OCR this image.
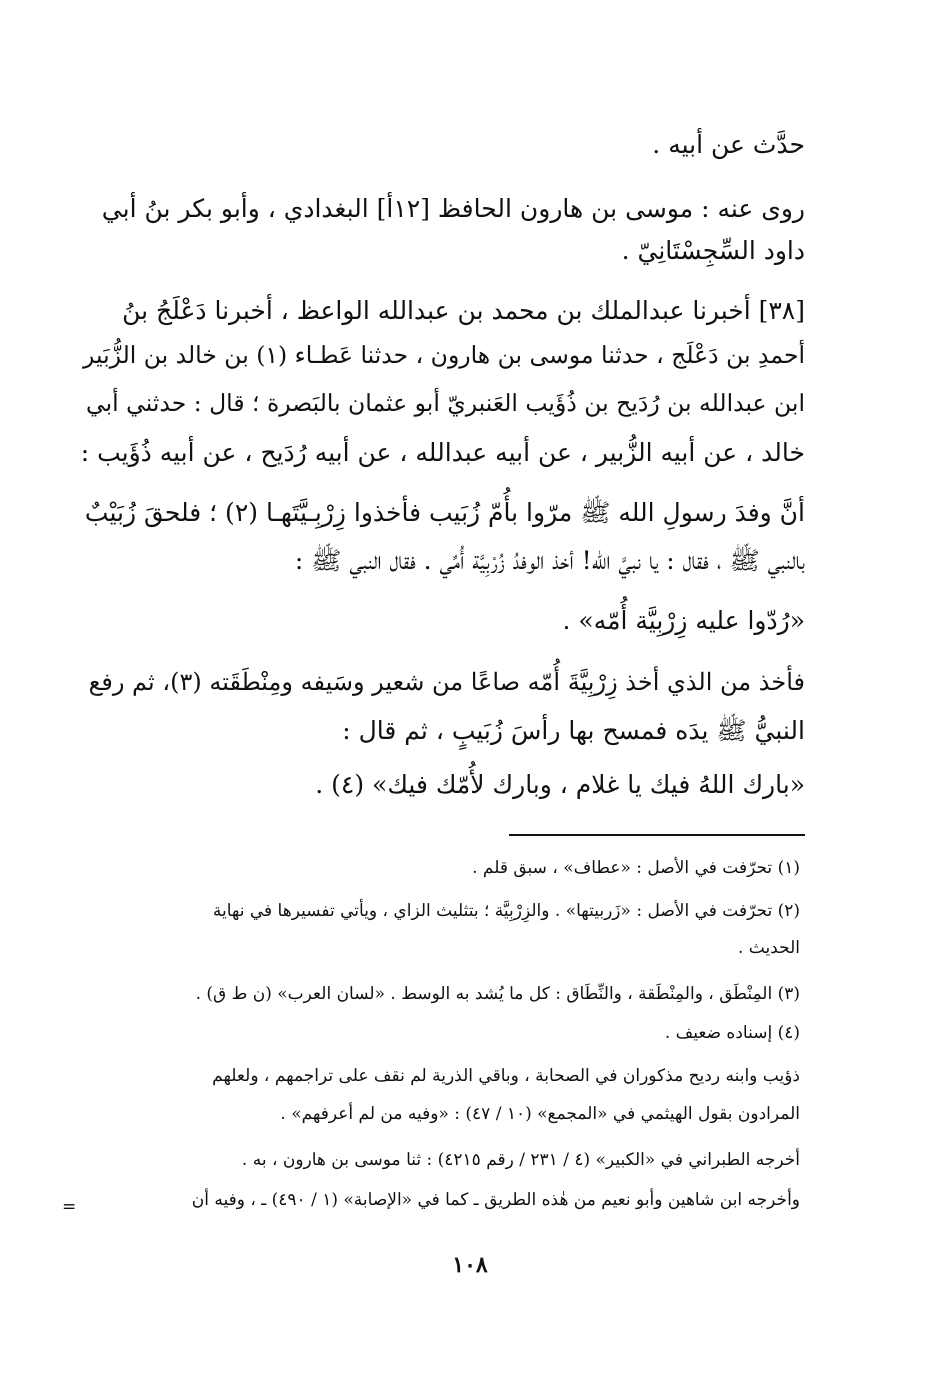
حدَّث عن أبيه .
روى عنه : موسى بن هارون الحافظ [١٢أ] البغدادي ، وأبو بكر بنُ أبي
داود السِّجِسْتَانِيّ .
[٣٨] أخبرنا عبدالملك بن محمد بن عبدالله الواعظ ، أخبرنا دَعْلَجُ بنُ
أحمدِ بن دَعْلَج ، حدثنا موسى بن هارون ، حدثنا عَطـاء (١) بن خالد بن الزُّبَير
ابن عبدالله بن رُدَيح بن ذُؤَيب العَنبريّ أبو عثمان بالبَصرة ؛ قال : حدثني أبي
خالد ، عن أبيه الزُّبير ، عن أبيه عبدالله ، عن أبيه رُدَيح ، عن أبيه ذُؤَيب :
أنَّ وفدَ رسولِ الله ﷺ مرّوا بأُمّ زُبَيب فأخذوا زِرْبِـيَّتَهـا (٢) ؛ فلحقَ زُبَيْبٌ
بالنبي ﷺ ، فقال : يا نبيَّ الله! أخذ الوفدُ زُرْبِيَّة أُمِّي . فقال النبي ﷺ :
«رُدّوا عليه زِرْبِيَّة أُمّه» .
فأخذ من الذي أخذ زِرْبِيَّةَ أُمّه صاعًا من شعير وسَيفه ومِنْطَقَته (٣)، ثم رفع
النبيُّ ﷺ يدَه فمسح بها رأسَ زُبَيبٍ ، ثم قال :
«بارك اللهُ فيك يا غلام ، وبارك لأُمّك فيك» (٤) .
(١) تحرّفت في الأصل : «عطاف» ، سبق قلم .
(٢) تحرّفت في الأصل : «زَربيتها» . والزِرْبِيَّة ؛ بتثليث الزاي ، ويأتي تفسيرها في نهاية
الحديث .
(٣) المِنْطَق ، والمِنْطَقة ، والنِّطَاق : كل ما يُشد به الوسط . «لسان العرب» (ن ط ق) .
(٤) إسناده ضعيف .
ذؤيب وابنه رديح مذكوران في الصحابة ، وباقي الذرية لم نقف على تراجمهم ، ولعلهم
المرادون بقول الهيثمي في «المجمع» (١٠ / ٤٧) : «وفيه من لم أعرفهم» .
أخرجه الطبراني في «الكبير» (٤ / ٢٣١ / رقم ٤٢١٥) : ثنا موسى بن هارون ، به .
وأخرجه ابن شاهين وأبو نعيم من هٰذه الطريق ـ كما في «الإصابة» (١ / ٤٩٠) ـ ، وفيه أن
=
١٠٨
